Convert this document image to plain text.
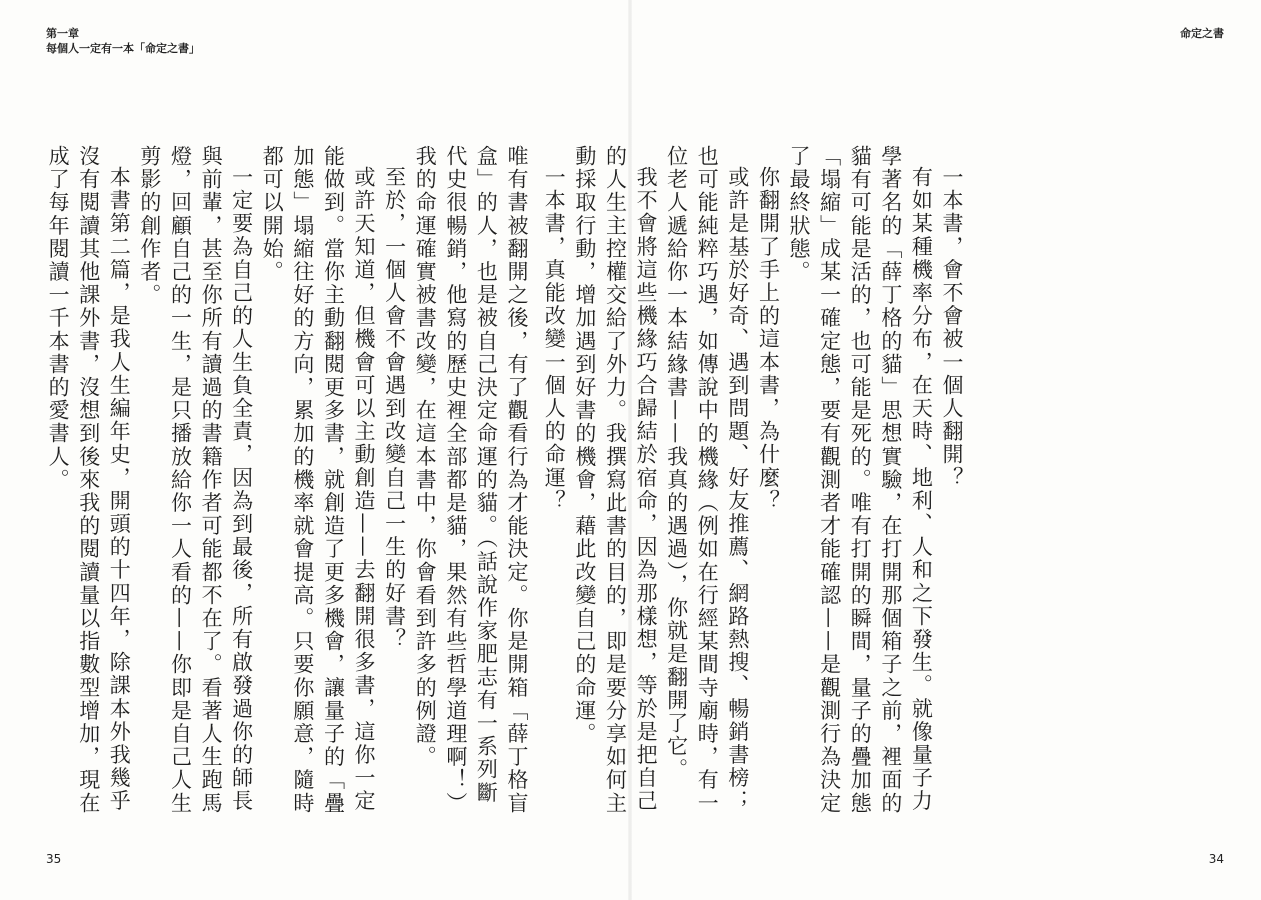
第一章
每個人一定有一本「命定之書」

唯有書被翻開之後，有了觀看行為才能決定。你是開箱「薛丁格盲盒」的人，也是被自己決定命運的貓。（話說作家肥志有一系列斷代史很暢銷，他寫的歷史裡全部都是貓，果然有些哲學道理啊！）我的命運確實被書改變，在這本書中，你會看到許多的例證。

至於，一個人會不會遇到改變自己一生的好書？

或許天知道，但機會可以主動創造——去翻開很多書，這你一定能做到。當你主動翻閱更多書，就創造了更多機會，讓量子的「疊加態」塌縮往好的方向，累加的機率就會提高。只要你願意，隨時都可以開始。

一定要為自己的人生負全責，因為到最後，所有啟發過你的師長與前輩，甚至你所有讀過的書籍作者可能都不在了。看著人生跑馬燈，回顧自己的一生，是只播放給你一人看的——你即是自己人生剪影的創作者。

本書第二篇，是我人生編年史，開頭的十四年，除課本外我幾乎沒有閱讀其他課外書，沒想到後來我的閱讀量以指數型增加，現在成了每年閱讀一千本書的愛書人。

35
命定之書
34

一本書，會不會被一個人翻開？

有如某種機率分布，在天時、地利、人和之下發生。就像量子力學著名的「薛丁格的貓」思想實驗，在打開那個箱子之前，裡面的貓有可能是活的，也可能是死的。唯有打開的瞬間，量子的疊加態「塌縮」成某一確定態，要有觀測者才能確認——是觀測行為決定了最終狀態。

你翻開了手上的這本書，為什麼？

或許是基於好奇、遇到問題、好友推薦、網路熱搜、暢銷書榜；也可能純粹巧遇，如傳說中的機緣（例如在行經某間寺廟時，有一位老人遞給你一本結緣書——我真的遇過），你就是翻開了它。

我不會將這些機緣巧合歸結於宿命，因為那樣想，等於是把自己的人生主控權交給了外力。我撰寫此書的目的，即是要分享如何主動採取行動，增加遇到好書的機會，藉此改變自己的命運。

一本書，真能改變一個人的命運？
